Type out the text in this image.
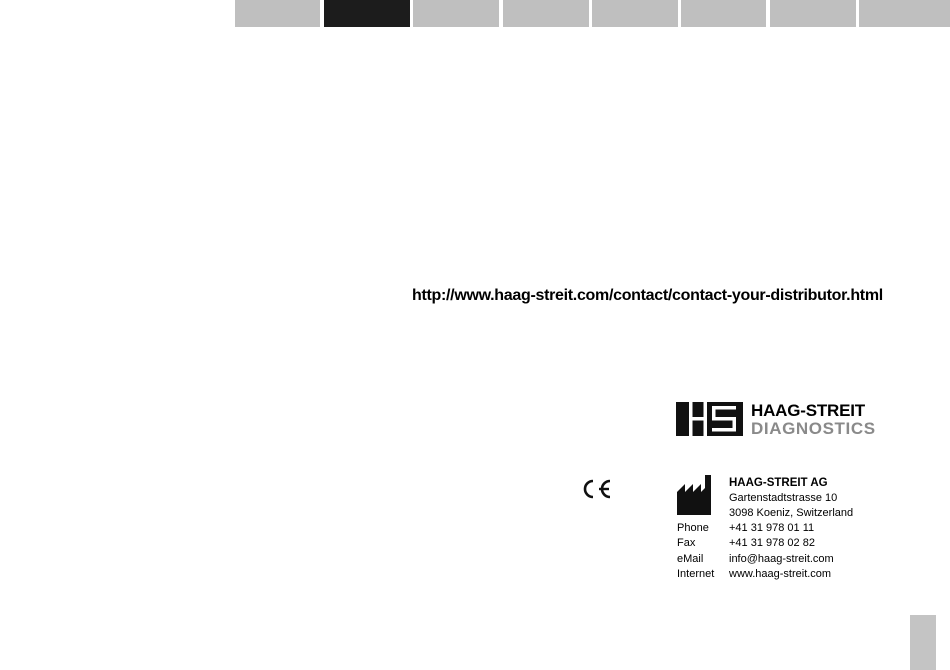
http://www.haag-streit.com/contact/contact-your-distributor.html
HAAG-STREIT
DIAGNOSTICS
HAAG-STREIT AG
Gartenstadtstrasse 10
3098 Koeniz, Switzerland
Phone +41 31 978 01 11
Fax	+41 31 978 02 82
eMail info@haag-streit.com
Internet www.haag-streit.com
